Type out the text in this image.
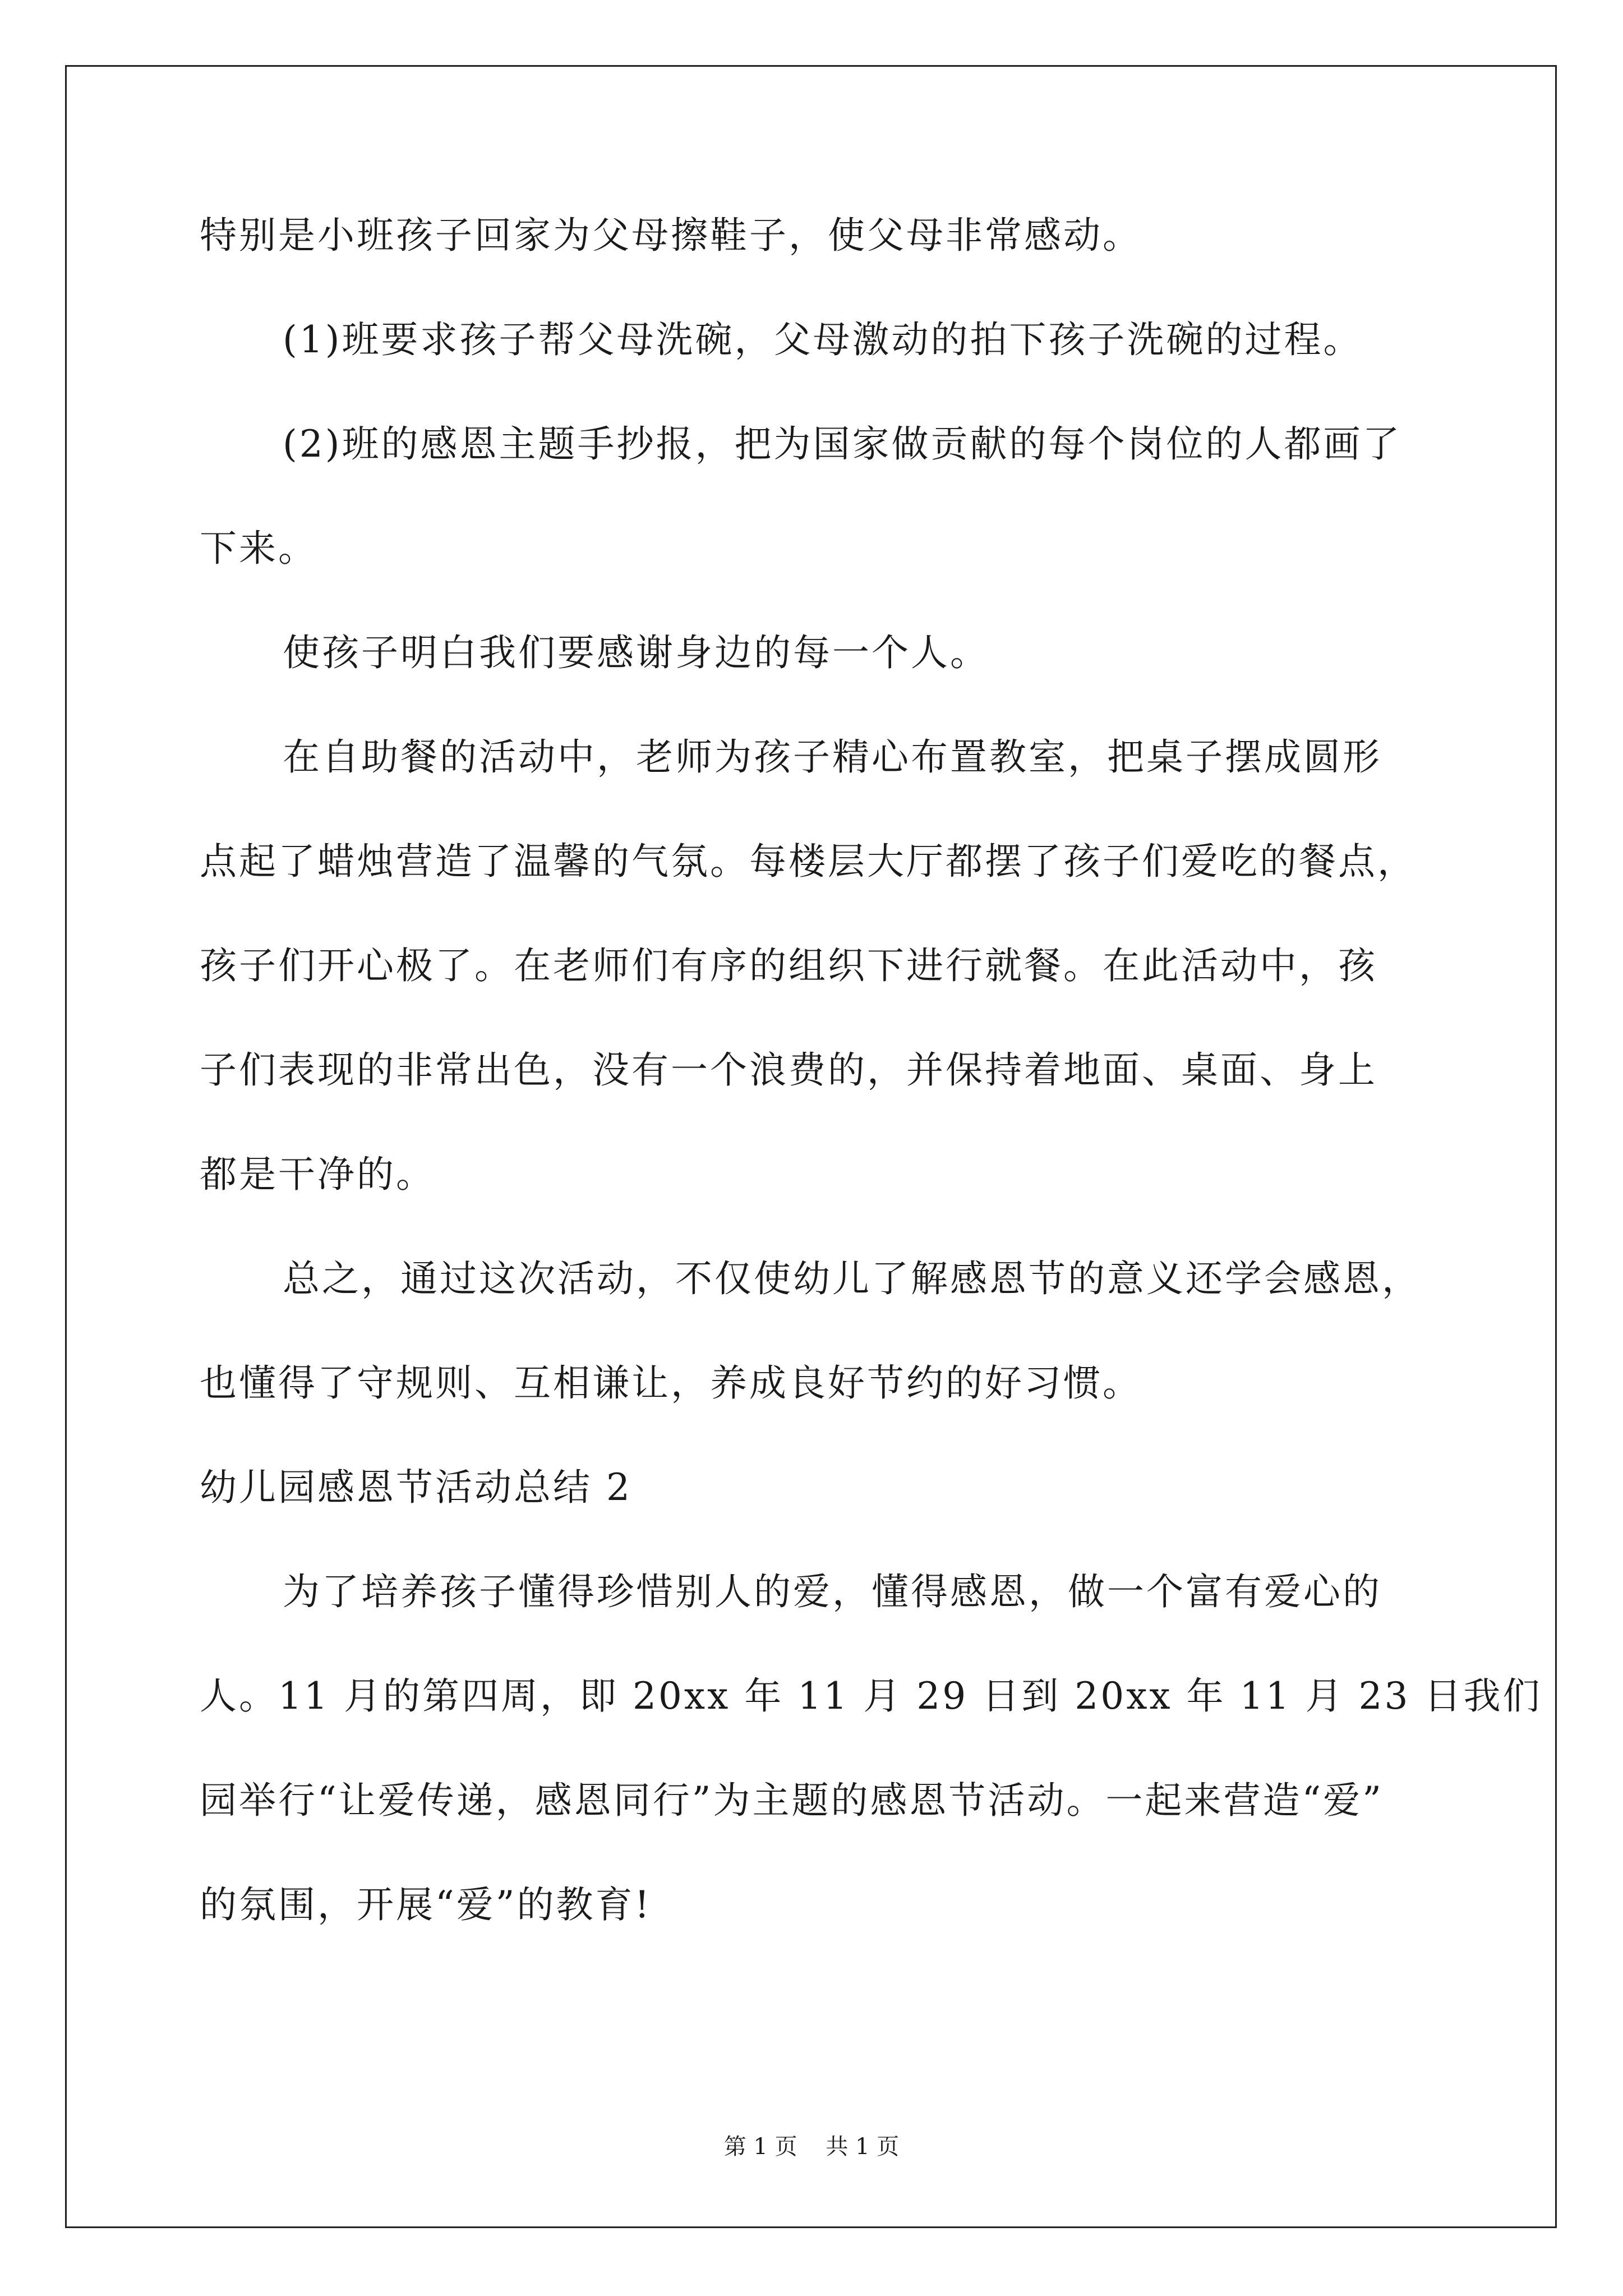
特别是小班孩子回家为父母擦鞋子，使父母非常感动。
(1)班要求孩子帮父母洗碗，父母激动的拍下孩子洗碗的过程。
(2)班的感恩主题手抄报，把为国家做贡献的每个岗位的人都画了
下来。
使孩子明白我们要感谢身边的每一个人。
在自助餐的活动中，老师为孩子精心布置教室，把桌子摆成圆形
点起了蜡烛营造了温馨的气氛。每楼层大厅都摆了孩子们爱吃的餐点，
孩子们开心极了。在老师们有序的组织下进行就餐。在此活动中，孩
子们表现的非常出色，没有一个浪费的，并保持着地面、桌面、身上
都是干净的。
总之，通过这次活动，不仅使幼儿了解感恩节的意义还学会感恩，
也懂得了守规则、互相谦让，养成良好节约的好习惯。
幼儿园感恩节活动总结 2
为了培养孩子懂得珍惜别人的爱，懂得感恩，做一个富有爱心的
人。11 月的第四周，即 20xx 年 11 月 29 日到 20xx 年 11 月 23 日我们
园举行“让爱传递，感恩同行”为主题的感恩节活动。一起来营造“爱”
的氛围，开展“爱”的教育!
第 1 页    共 1 页
